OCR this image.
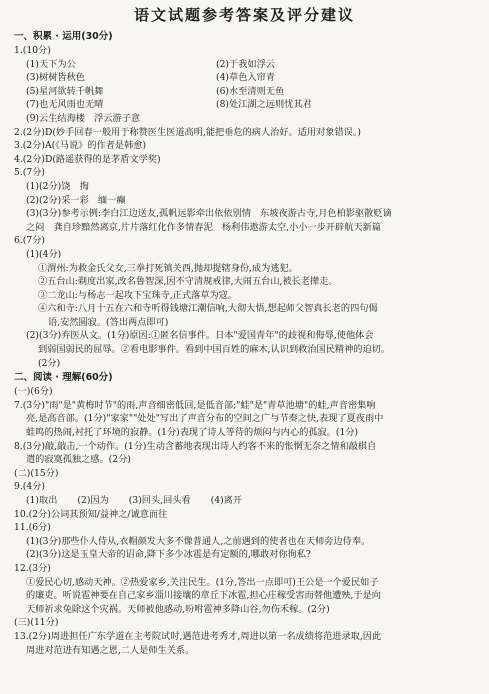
语文试题参考答案及评分建议
一、积累 · 运用(30分)
1.(10分)
(1)天下为公	(2)于我如浮云
(3)树树皆秋色	(4)草色入帘青
(5)星河欲转千帆舞	(6)水至清则无鱼
(7)也无风雨也无晴	(8)处江湖之远则忧其君
(9)云生结海楼　浮云游子意
2.(2分)D(妙手回春一般用于称赞医生医道高明,能把垂危的病人治好。适用对象错误。)
3.(2分)A(《马说》的作者是韩愈)
4.(2分)D(路遥获得的是茅盾文学奖)
5.(7分)
(1)(2分)饶　掏
(2)(2分)采一彩　缅一癫
(3)(3分)参考示例:李白江边送友,孤帆远影牵出依依别情　东坡夜游古寺,月色柏影驱散贬谪
之闷　龚自珍黯然离京,片片落红化作多情春泥　杨利伟遨游太空,小小一步开辟航天新篇
6.(7分)
(1)(4分)
①渭州:为救金氏父女,三拳打死镇关西,抛却提辖身份,成为逃犯。
②五台山:剃度出家,改名鲁智深,因不守清规戒律,大闹五台山,被长老撵走。
③二龙山:与杨志一起攻下宝珠寺,正式落草为寇。
④六和寺:八月十五在六和寺听得钱塘江潮信响,大彻大悟,想起师父智真长老的四句偈
语,安然圆寂。(答出两点即可)
(2)(3分)弃医从文。(1分)原因:①匿名信事件。日本"爱国青年"的歧视和侮辱,使他体会
到弱国弱民的屈辱。②看电影事件。看到中国百姓的麻木,认识到救治国民精神的迫切。
(2分)
二、阅读 · 理解(60分)
(一)(6分)
7.(3分)"雨"是"黄梅时节"的雨,声音细密低回,是低音部;"蛙"是"青草池塘"的蛙,声音密集响
亮,是高音部。(1分)"家家""处处"写出了声音分布的空间之广与节奏之快,表现了夏夜雨中
蛙鸣的热闹,衬托了环境的寂静。(1分)表现了诗人等待的烦闷与内心的孤寂。(1分)
8.(3分)敲,敲击,一个动作。(1分)生动含蓄地表现出诗人约客不来的怅惘无奈之情和敲棋自
遣的寂寞孤独之感。(2分)
(二)(15分)
9.(4分)
(1)取出 (2)因为 (3)回头,回头看 (4)离开
10.(2分)公词其预知/益神之/诚意而往
11.(6分)
(1)(3分)那些仆人侍从,衣帽颜发大多不像普通人,之前遇到的使者也在天师旁边侍奉。
(2)(3分)这是玉皇大帝的诏命,降下多少冰雹是有定额的,哪敢对你徇私?
12.(3分)
①爱民心切,感动天神。②热爱家乡,关注民生。(1分,答出一点即可)王公是一个爱民如子
的廉吏。听说雹神要在自己家乡淄川接壤的章丘下冰雹,担心庄稼受害而替他遭殃,于是向
天师祈求免除这个灾祸。天师被他感动,吩咐雹神多降山谷,勿伤禾稼。(2分)
(三)(11分)
13.(2分)周进担任广东学道在主考院试时,遇范进考秀才,周进以第一名成绩将范进录取,因此
周进对范进有知遇之恩,二人是师生关系。
